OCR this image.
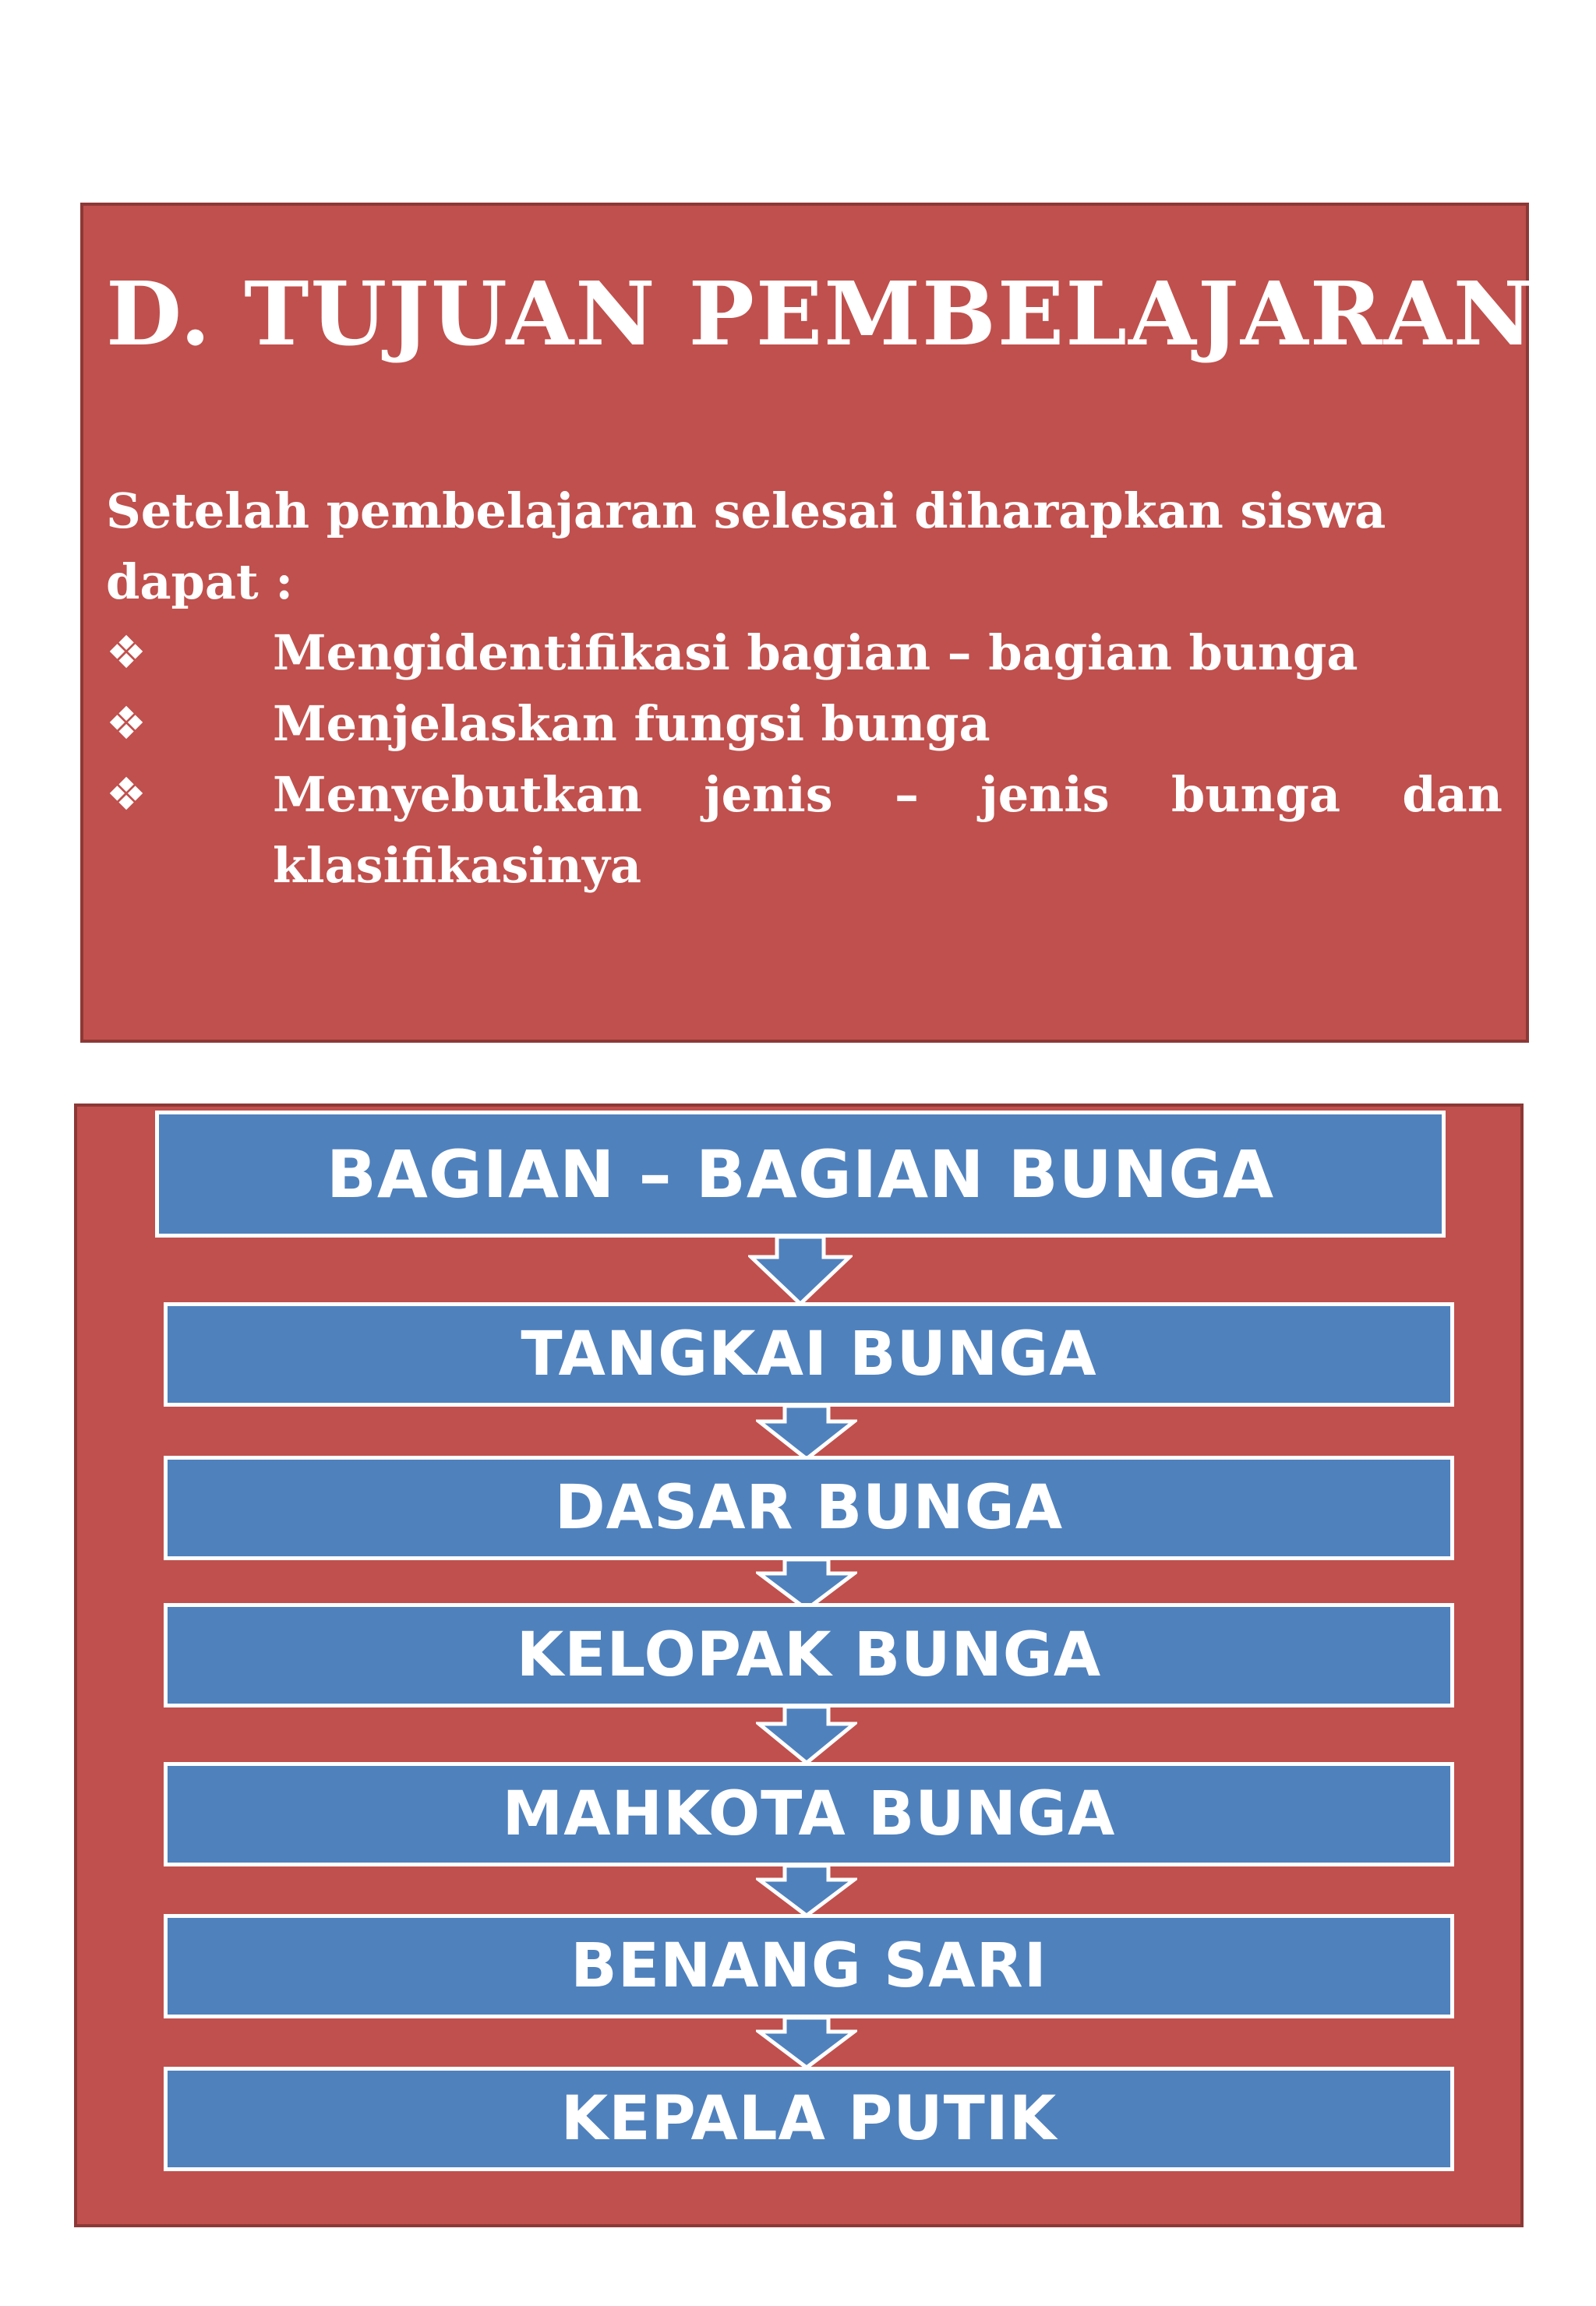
D. TUJUAN PEMBELAJARAN

Setelah pembelajaran selesai diharapkan siswa dapat :

❖	Mengidentifikasi bagian – bagian bunga
❖	Menjelaskan fungsi bunga
❖	Menyebutkan jenis – jenis bunga dan klasifikasinya
BAGIAN – BAGIAN BUNGA
TANGKAI BUNGA
DASAR BUNGA
KELOPAK BUNGA
MAHKOTA BUNGA
BENANG SARI
KEPALA PUTIK
